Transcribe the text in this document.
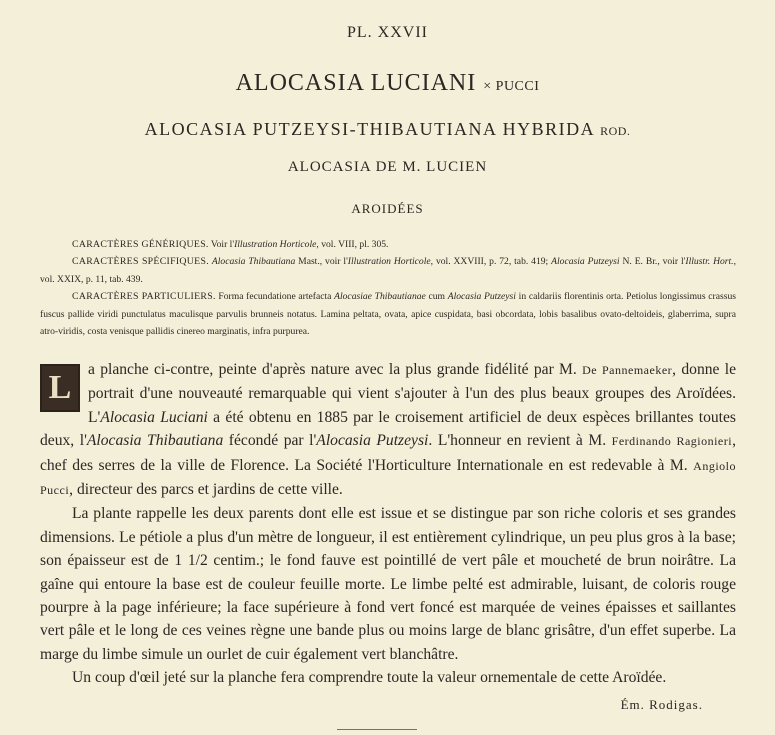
PL. XXVII
ALOCASIA LUCIANI × PUCCI
ALOCASIA PUTZEYSI-THIBAUTIANA HYBRIDA ROD.
ALOCASIA DE M. LUCIEN
AROIDÉES

CARACTÈRES GÉNÉRIQUES. Voir l'Illustration Horticole, vol. VIII, pl. 305.

CARACTÈRES SPÉCIFIQUES. Alocasia Thibautiana Mast., voir l'Illustration Horticole, vol. XXVIII, p. 72, tab. 419; Alocasia Putzeysi N. E. Br., voir l'Illustr. Hort., vol. XXIX, p. 11, tab. 439.

CARACTÈRES PARTICULIERS. Forma fecundatione artefacta Alocasiae Thibautianae cum Alocasia Putzeysi in caldariis florentinis orta. Petiolus longissimus crassus fuscus pallide viridi punctulatus maculisque parvulis brunneis notatus. Lamina peltata, ovata, apice cuspidata, basi obcordata, lobis basalibus ovato-deltoideis, glaberrima, supra atro-viridis, costa venisque pallidis cinereo marginatis, infra purpurea.

L a planche ci-contre, peinte d'après nature avec la plus grande fidélité par M. De Pannemaeker, donne le portrait d'une nouveauté remarquable qui vient s'ajouter à l'un des plus beaux groupes des Aroïdées. L'Alocasia Luciani a été obtenu en 1885 par le croisement artificiel de deux espèces brillantes toutes deux, l'Alocasia Thibautiana fécondé par l'Alocasia Putzeysi. L'honneur en revient à M. Ferdinando Ragionieri, chef des serres de la ville de Florence. La Société l'Horticulture Internationale en est redevable à M. Angiolo Pucci, directeur des parcs et jardins de cette ville.

La plante rappelle les deux parents dont elle est issue et se distingue par son riche coloris et ses grandes dimensions. Le pétiole a plus d'un mètre de longueur, il est entièrement cylindrique, un peu plus gros à la base; son épaisseur est de 1 1/2 centim.; le fond fauve est pointillé de vert pâle et moucheté de brun noirâtre. La gaîne qui entoure la base est de couleur feuille morte. Le limbe pelté est admirable, luisant, de coloris rouge pourpre à la page inférieure; la face supérieure à fond vert foncé est marquée de veines épaisses et saillantes vert pâle et le long de ces veines règne une bande plus ou moins large de blanc grisâtre, d'un effet superbe. La marge du limbe simule un ourlet de cuir également vert blanchâtre.

Un coup d'œil jeté sur la planche fera comprendre toute la valeur ornementale de cette Aroïdée.

Ém. Rodigas.
